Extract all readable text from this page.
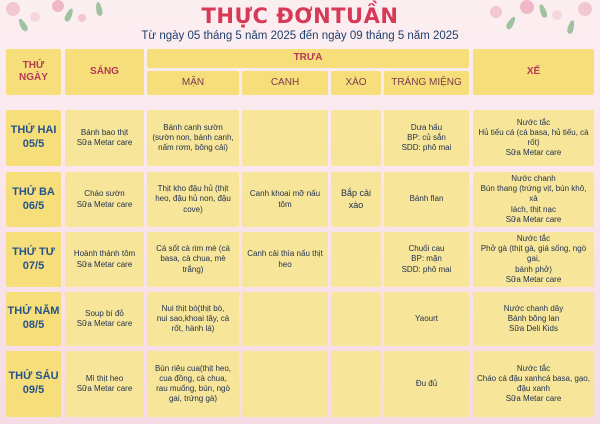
THỰC ĐƠNTUẦN
Từ ngày 05 tháng 5 năm 2025 đến ngày 09 tháng 5 năm 2025
THỨ NGÀY
SÁNG
TRƯA
MẶN	CANH	XÀO TRÁNG MIỆNG
XẾ
THỨ HAI
05/5
Bánh bao thịt
Sữa Metar care
Bánh canh sườn
(sườn non, bánh canh,
nấm rơm, bông cải)
Dưa hấu
BP: củ sắn
SDD: phô mai
Nước tắc
Hủ tiếu cá (cá basa, hủ tiếu, cà
rốt)
Sữa Metar care
THỨ BA
06/5
Cháo sườn
Sữa Metar care
Thịt kho đậu hủ (thịt
heo, đậu hủ non, đậu
cove)
Canh khoai mỡ nấu
tôm
Bắp cải xào
Bánh flan
Nước chanh
Bún thang (trứng vịt, bún khô, xà
lách, thịt nạc
Sữa Metar care
THỨ TƯ
07/5
Hoành thánh tôm
Sữa Metar care
Cá sốt cà rim mè (cá
basa, cà chua, mè
trắng)
Canh cải thìa nấu thịt
heo
Chuối cau
BP: mặn
SDD: phô mai
Nước tắc
Phở gà (thịt gà, giá sống, ngò gai,
bánh phở)
Sữa Metar care
THỨ NĂM
08/5
Soup bí đỏ
Sữa Metar care
Nui thịt bò(thịt bò,
nui sao,khoai tây, cà
rốt, hành lá)
Yaourt
Nước chanh dây
Bánh bông lan
Sữa Deli Kids
THỨ SÁU
09/5
Mì thịt heo
Sữa Metar care
Bún riêu cua(thịt heo,
cua đồng, cà chua,
rau muống, bún, ngò
gai, trứng gà)
Đu đủ
Nước tắc
Cháo cá đậu xanhcá basa, gạo,
đậu xanh
Sữa Metar care
